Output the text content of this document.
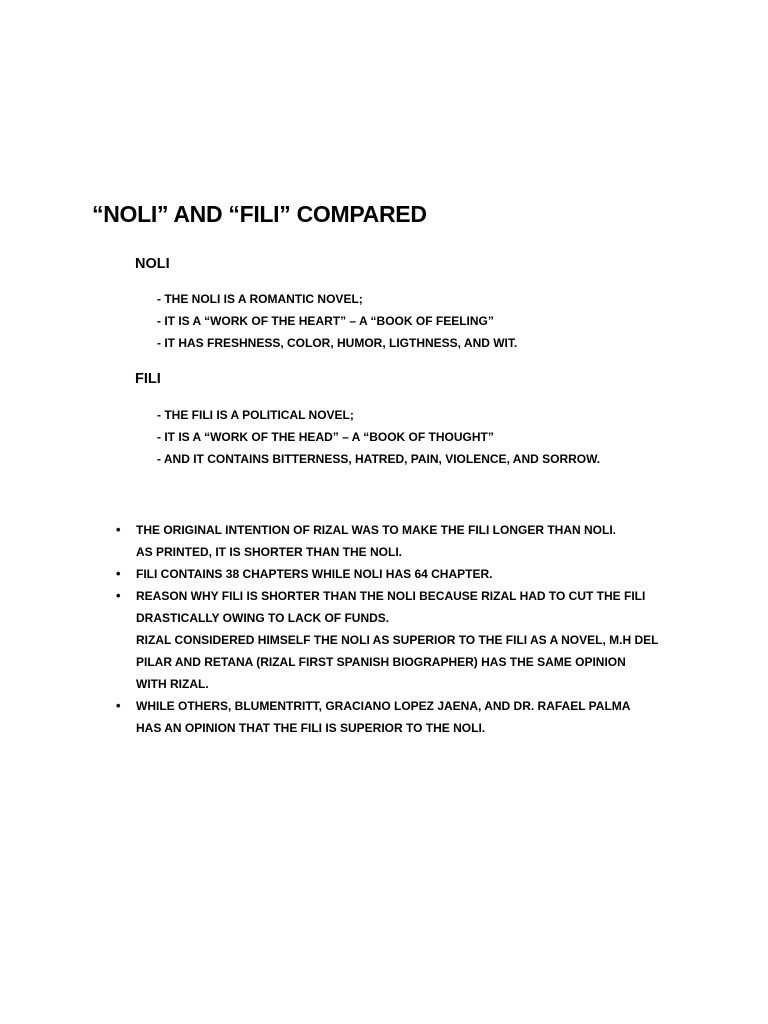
“NOLI” AND “FILI” COMPARED
NOLI
- THE NOLI IS A ROMANTIC NOVEL;
- IT IS A “WORK OF THE HEART” – A “BOOK OF FEELING”
- IT HAS FRESHNESS, COLOR, HUMOR, LIGTHNESS, AND WIT.
FILI
- THE FILI IS A POLITICAL NOVEL;
- IT IS A “WORK OF THE HEAD” – A “BOOK OF THOUGHT”
- AND IT CONTAINS BITTERNESS, HATRED, PAIN, VIOLENCE, AND SORROW.
• THE ORIGINAL INTENTION OF RIZAL WAS TO MAKE THE FILI LONGER THAN NOLI.
AS PRINTED, IT IS SHORTER THAN THE NOLI.
• FILI CONTAINS 38 CHAPTERS WHILE NOLI HAS 64 CHAPTER.
• REASON WHY FILI IS SHORTER THAN THE NOLI BECAUSE RIZAL HAD TO CUT THE FILI
DRASTICALLY OWING TO LACK OF FUNDS.
RIZAL CONSIDERED HIMSELF THE NOLI AS SUPERIOR TO THE FILI AS A NOVEL, M.H DEL
PILAR AND RETANA (RIZAL FIRST SPANISH BIOGRAPHER) HAS THE SAME OPINION
WITH RIZAL.
• WHILE OTHERS, BLUMENTRITT, GRACIANO LOPEZ JAENA, AND DR. RAFAEL PALMA
HAS AN OPINION THAT THE FILI IS SUPERIOR TO THE NOLI.
